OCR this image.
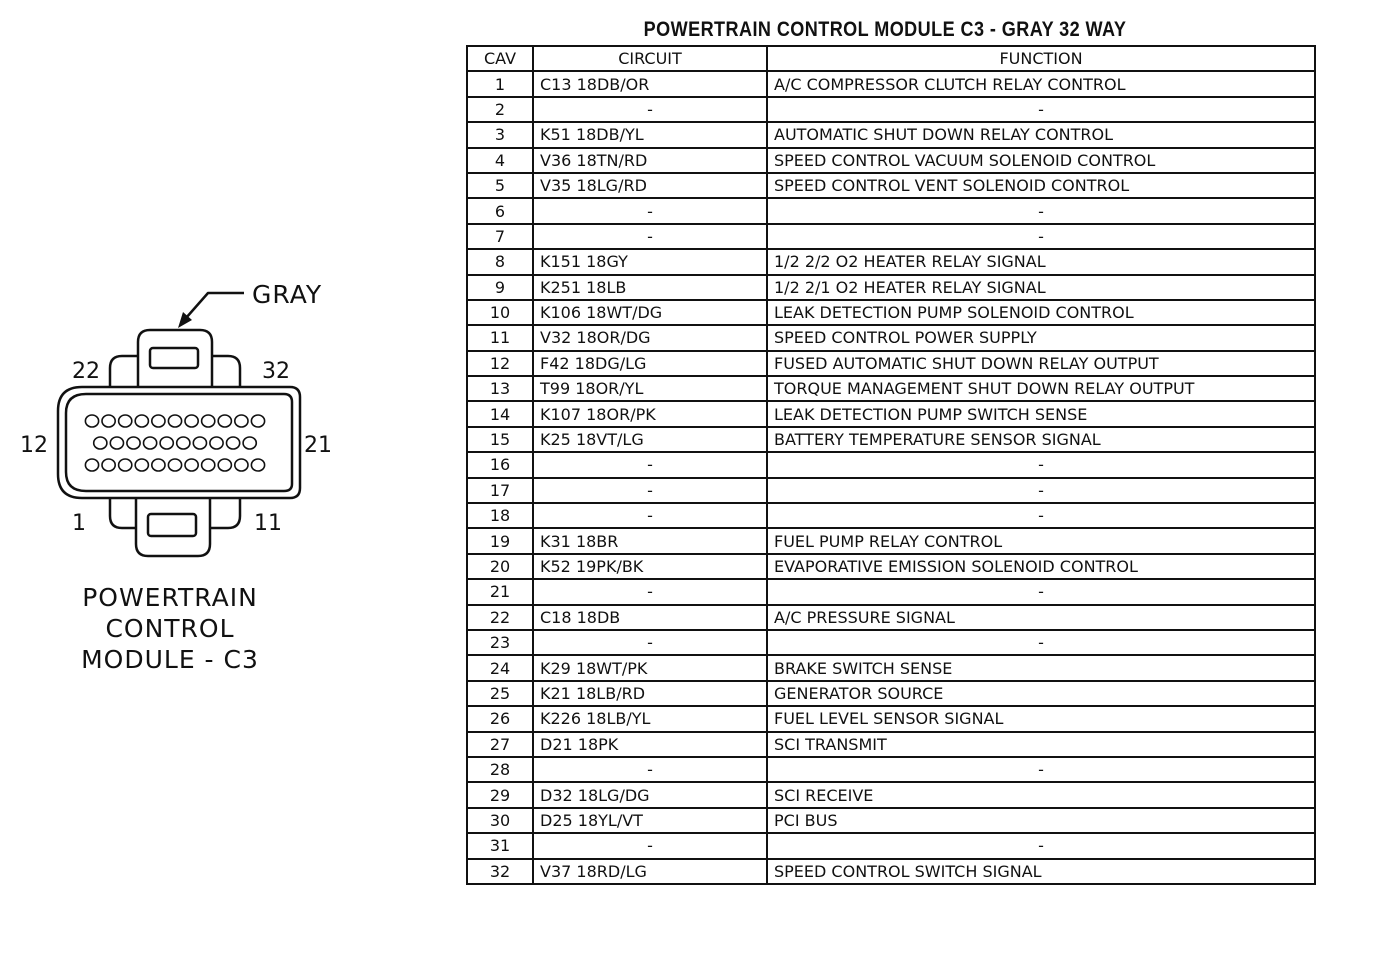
GRAY
22	32
12	21
1	11
POWERTRAIN
CONTROL
MODULE - C3
POWERTRAIN CONTROL MODULE C3 - GRAY 32 WAY
CAV	CIRCUIT	FUNCTION
1	C13 18DB/OR	A/C COMPRESSOR CLUTCH RELAY CONTROL
2	-	-
3	K51 18DB/YL	AUTOMATIC SHUT DOWN RELAY CONTROL
4	V36 18TN/RD	SPEED CONTROL VACUUM SOLENOID CONTROL
5	V35 18LG/RD	SPEED CONTROL VENT SOLENOID CONTROL
6	-	-
7	-	-
8	K151 18GY	1/2 2/2 O2 HEATER RELAY SIGNAL
9	K251 18LB	1/2 2/1 O2 HEATER RELAY SIGNAL
10	K106 18WT/DG	LEAK DETECTION PUMP SOLENOID CONTROL
11	V32 18OR/DG	SPEED CONTROL POWER SUPPLY
12	F42 18DG/LG	FUSED AUTOMATIC SHUT DOWN RELAY OUTPUT
13	T99 18OR/YL	TORQUE MANAGEMENT SHUT DOWN RELAY OUTPUT
14	K107 18OR/PK	LEAK DETECTION PUMP SWITCH SENSE
15	K25 18VT/LG	BATTERY TEMPERATURE SENSOR SIGNAL
16	-	-
17	-	-
18	-	-
19	K31 18BR	FUEL PUMP RELAY CONTROL
20	K52 19PK/BK	EVAPORATIVE EMISSION SOLENOID CONTROL
21	-	-
22	C18 18DB	A/C PRESSURE SIGNAL
23	-	-
24	K29 18WT/PK	BRAKE SWITCH SENSE
25	K21 18LB/RD	GENERATOR SOURCE
26	K226 18LB/YL	FUEL LEVEL SENSOR SIGNAL
27	D21 18PK	SCI TRANSMIT
28	-	-
29	D32 18LG/DG	SCI RECEIVE
30	D25 18YL/VT	PCI BUS
31	-	-
32	V37 18RD/LG	SPEED CONTROL SWITCH SIGNAL
